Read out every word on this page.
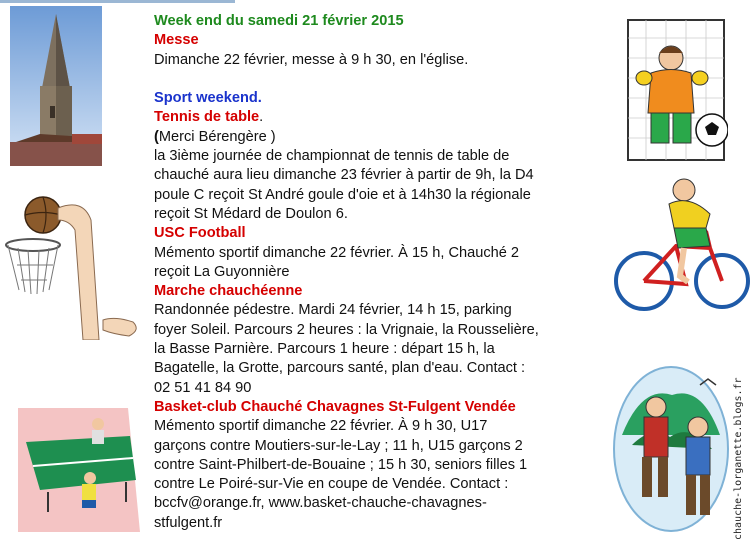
chauche-lorganette.blogs.fr

Week end du samedi 21 février 2015

Messe

Dimanche 22 février, messe à 9 h 30, en l'église.

Sport weekend.

Tennis de table.

(Merci Bérengère )

la 3ième journée de championnat de tennis de table de

chauché aura lieu dimanche 23 février à partir de 9h, la D4

poule C reçoit St André goule d'oie et à 14h30 la régionale

reçoit St Médard de Doulon 6.

USC Football

Mémento sportif dimanche 22 février. À 15 h, Chauché 2

reçoit La Guyonnière

Marche chauchéenne

Randonnée pédestre. Mardi 24 février, 14 h 15, parking

foyer Soleil. Parcours 2 heures : la Vrignaie, la Rousselière,

la Basse Parnière. Parcours 1 heure : départ 15 h, la

Bagatelle, la Grotte, parcours santé, plan d'eau. Contact :

02 51 41 84 90

Basket-club Chauché Chavagnes St-Fulgent Vendée

Mémento sportif dimanche 22 février. À 9 h 30, U17

garçons contre Moutiers-sur-le-Lay ; 11 h, U15 garçons 2

contre Saint-Philbert-de-Bouaine ; 15 h 30, seniors filles 1

contre Le Poiré-sur-Vie en coupe de Vendée. Contact :

bccfv@orange.fr, www.basket-chauche-chavagnes-

stfulgent.fr
